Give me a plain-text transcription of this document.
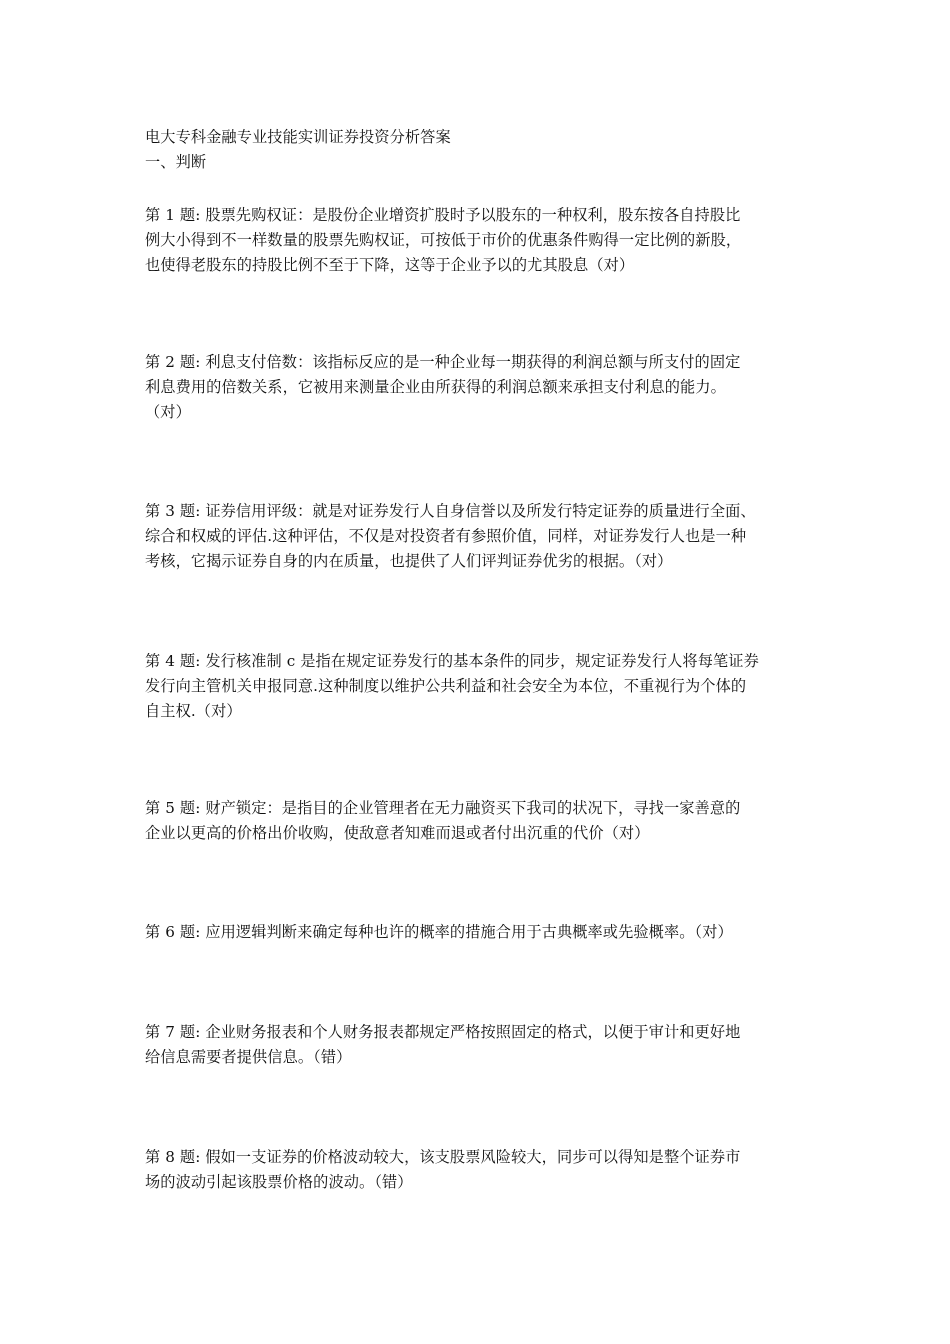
电大专科金融专业技能实训证券投资分析答案
一、判断
第 1 题: 股票先购权证：是股份企业增资扩股时予以股东的一种权利，股东按各自持股比
例大小得到不一样数量的股票先购权证，可按低于市价的优惠条件购得一定比例的新股，
也使得老股东的持股比例不至于下降，这等于企业予以的尤其股息（对）
第 2 题: 利息支付倍数：该指标反应的是一种企业每一期获得的利润总额与所支付的固定
利息费用的倍数关系，它被用来测量企业由所获得的利润总额来承担支付利息的能力。
（对）
第 3 题: 证券信用评级：就是对证券发行人自身信誉以及所发行特定证券的质量进行全面、
综合和权威的评估.这种评估，不仅是对投资者有参照价值，同样，对证券发行人也是一种
考核，它揭示证券自身的内在质量，也提供了人们评判证券优劣的根据。（对）
第 4 题: 发行核准制 c 是指在规定证券发行的基本条件的同步，规定证券发行人将每笔证券
发行向主管机关申报同意.这种制度以维护公共利益和社会安全为本位，不重视行为个体的
自主权.（对）
第 5 题: 财产锁定：是指目的企业管理者在无力融资买下我司的状况下，寻找一家善意的
企业以更高的价格出价收购，使敌意者知难而退或者付出沉重的代价（对）
第 6 题: 应用逻辑判断来确定每种也许的概率的措施合用于古典概率或先验概率。（对）
第 7 题: 企业财务报表和个人财务报表都规定严格按照固定的格式，以便于审计和更好地
给信息需要者提供信息。（错）
第 8 题: 假如一支证券的价格波动较大，该支股票风险较大，同步可以得知是整个证券市
场的波动引起该股票价格的波动。（错）
